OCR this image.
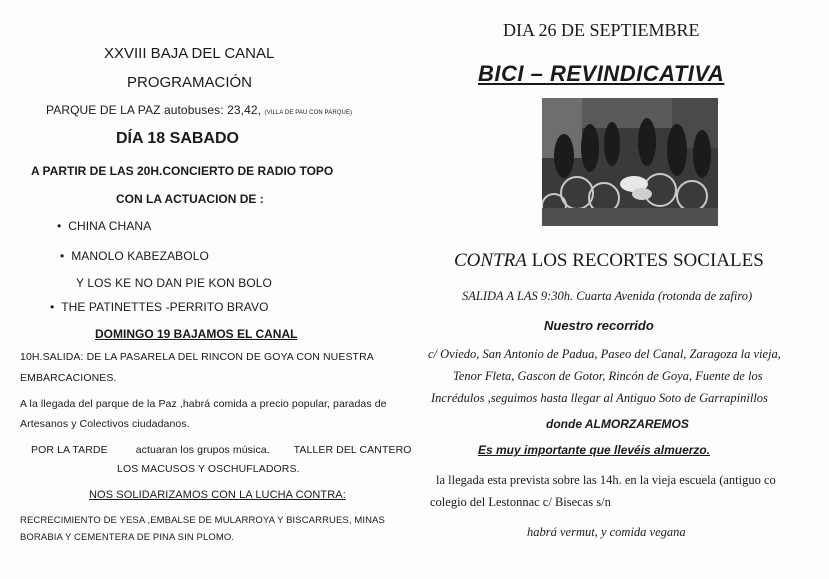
XXVIII BAJA DEL CANAL
PROGRAMACIÓN
PARQUE DE LA PAZ autobuses: 23,42, (VILLA DE PAU CON PARQUE)
DÍA 18 SABADO
A PARTIR DE LAS 20H.CONCIERTO DE RADIO TOPO
CON LA ACTUACION DE :
• CHINA CHANA
• MANOLO KABEZABOLO
Y LOS KE NO DAN PIE KON BOLO
• THE PATINETTES -PERRITO BRAVO
DOMINGO 19 BAJAMOS EL CANAL
10H.SALIDA: DE LA PASARELA DEL RINCON DE GOYA CON NUESTRA
EMBARCACIONES.
A la llegada del parque de la Paz ,habrá comida a precio popular, paradas de
Artesanos y Colectivos ciudadanos.
POR LA TARDE	actuaran los grupos música. TALLER DEL CANTERO
LOS MACUSOS Y OSCHUFLADORS.
NOS SOLIDARIZAMOS CON LA LUCHA CONTRA:
RECRECIMIENTO DE YESA ,EMBALSE DE MULARROYA Y BISCARRUES, MINAS
BORABIA Y CEMENTERA DE PINA SIN PLOMO.
DIA 26 DE SEPTIEMBRE
BICI – REVINDICATIVA
CONTRA LOS RECORTES SOCIALES
SALIDA A LAS 9:30h. Cuarta Avenida (rotonda de zafiro)
Nuestro recorrido
c/ Oviedo, San Antonio de Padua, Paseo del Canal, Zaragoza la vieja,
Tenor Fleta, Gascon de Gotor, Rincón de Goya, Fuente de los
Incrédulos ,seguimos hasta llegar al Antiguo Soto de Garrapinillos
donde ALMORZAREMOS
Es muy importante que llevéis almuerzo.
la llegada esta prevista sobre las 14h. en la vieja escuela (antiguo co
colegio del Lestonnac c/ Bisecas s/n
habrá vermut, y comida vegana
